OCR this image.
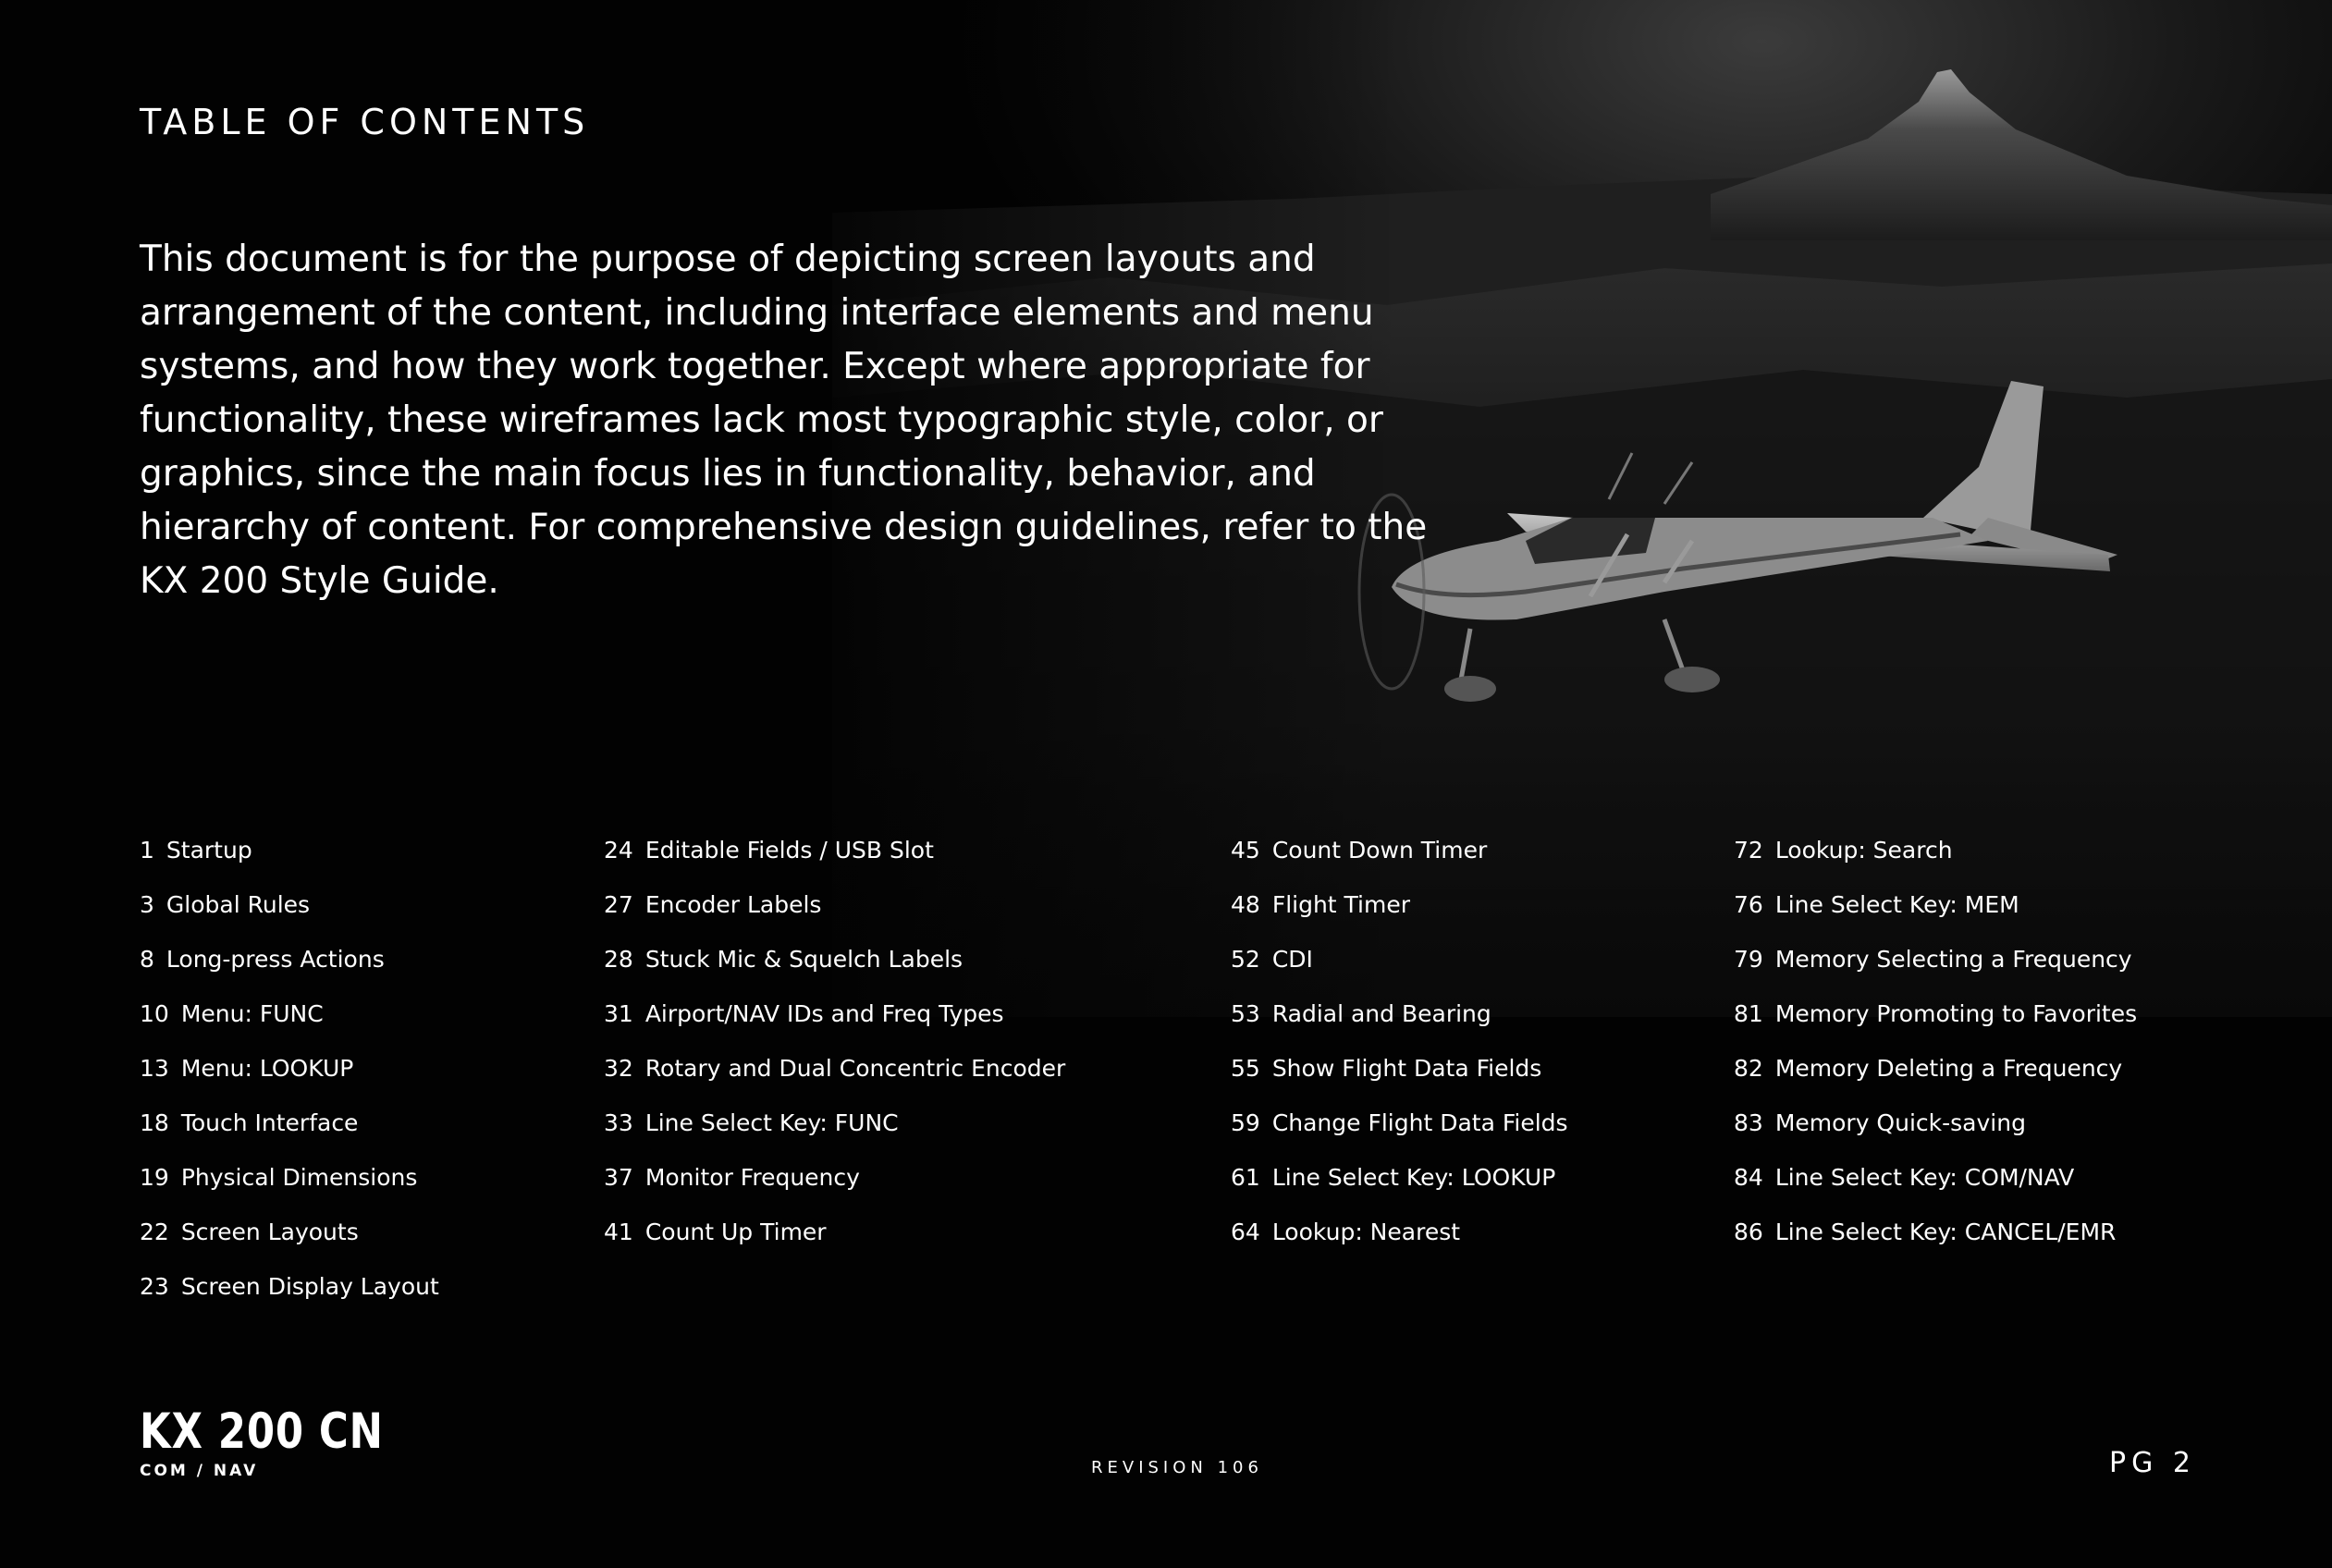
TABLE OF CONTENTS
This document is for the purpose of depicting screen layouts and arrangement of the content, including interface elements and menu systems, and how they work together. Except where appropriate for functionality, these wireframes lack most typographic style, color, or graphics, since the main focus lies in functionality, behavior, and hierarchy of content. For comprehensive design guidelines, refer to the KX 200 Style Guide.
1 Startup
3 Global Rules
8 Long-press Actions
10 Menu: FUNC
13 Menu: LOOKUP
18 Touch Interface
19 Physical Dimensions
22 Screen Layouts
23 Screen Display Layout
24 Editable Fields / USB Slot
27 Encoder Labels
28 Stuck Mic & Squelch Labels
31 Airport/NAV IDs and Freq Types
32 Rotary and Dual Concentric Encoder
33 Line Select Key: FUNC
37 Monitor Frequency
41 Count Up Timer
45 Count Down Timer
48 Flight Timer
52 CDI
53 Radial and Bearing
55 Show Flight Data Fields
59 Change Flight Data Fields
61 Line Select Key: LOOKUP
64 Lookup: Nearest
72 Lookup: Search
76 Line Select Key: MEM
79 Memory Selecting a Frequency
81 Memory Promoting to Favorites
82 Memory Deleting a Frequency
83 Memory Quick-saving
84 Line Select Key: COM/NAV
86 Line Select Key: CANCEL/EMR
KX 200 CN
COM / NAV	REVISION 106	PG 2
